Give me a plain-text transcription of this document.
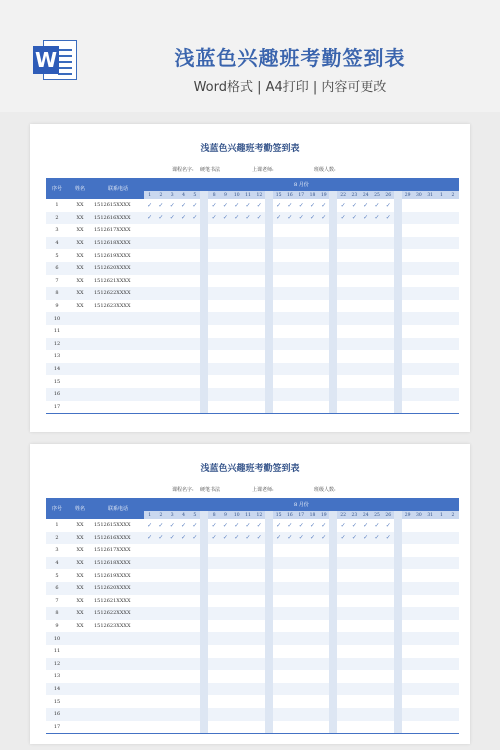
W	浅蓝色兴趣班考勤签到表
Word格式 | A4打印 | 内容可更改
浅蓝色兴趣班考勤签到表
课程名字: 硬笔书法	上课老师:	班级人数:
序号	姓名	联系电话	8 月份																												
			1	2	3	4	5		8	9	10	11	12		15	16	17	18	19		22	23	24	25	26		29	30	31	1	2
1	XX	1512615XXXX	✓	✓	✓	✓	✓		✓	✓	✓	✓	✓		✓	✓	✓	✓	✓		✓	✓	✓	✓	✓						
2	XX	1512616XXXX	✓	✓	✓	✓	✓		✓	✓	✓	✓	✓		✓	✓	✓	✓	✓		✓	✓	✓	✓	✓						
3	XX	1512617XXXX																													
4	XX	1512618XXXX																													
5	XX	1512619XXXX																													
6	XX	1512620XXXX																													
7	XX	1512621XXXX																													
8	XX	1512622XXXX																													
9	XX	1512623XXXX																													
10																															
11																															
12																															
13																															
14																															
15																															
16																															
17																															
浅蓝色兴趣班考勤签到表
课程名字: 硬笔书法	上课老师:	班级人数:
序号	姓名	联系电话	8 月份																												
			1	2	3	4	5		8	9	10	11	12		15	16	17	18	19		22	23	24	25	26		29	30	31	1	2
1	XX	1512615XXXX	✓	✓	✓	✓	✓		✓	✓	✓	✓	✓		✓	✓	✓	✓	✓		✓	✓	✓	✓	✓						
2	XX	1512616XXXX	✓	✓	✓	✓	✓		✓	✓	✓	✓	✓		✓	✓	✓	✓	✓		✓	✓	✓	✓	✓						
3	XX	1512617XXXX																													
4	XX	1512618XXXX																													
5	XX	1512619XXXX																													
6	XX	1512620XXXX																													
7	XX	1512621XXXX																													
8	XX	1512622XXXX																													
9	XX	1512623XXXX																													
10																															
11																															
12																															
13																															
14																															
15																															
16																															
17																															
